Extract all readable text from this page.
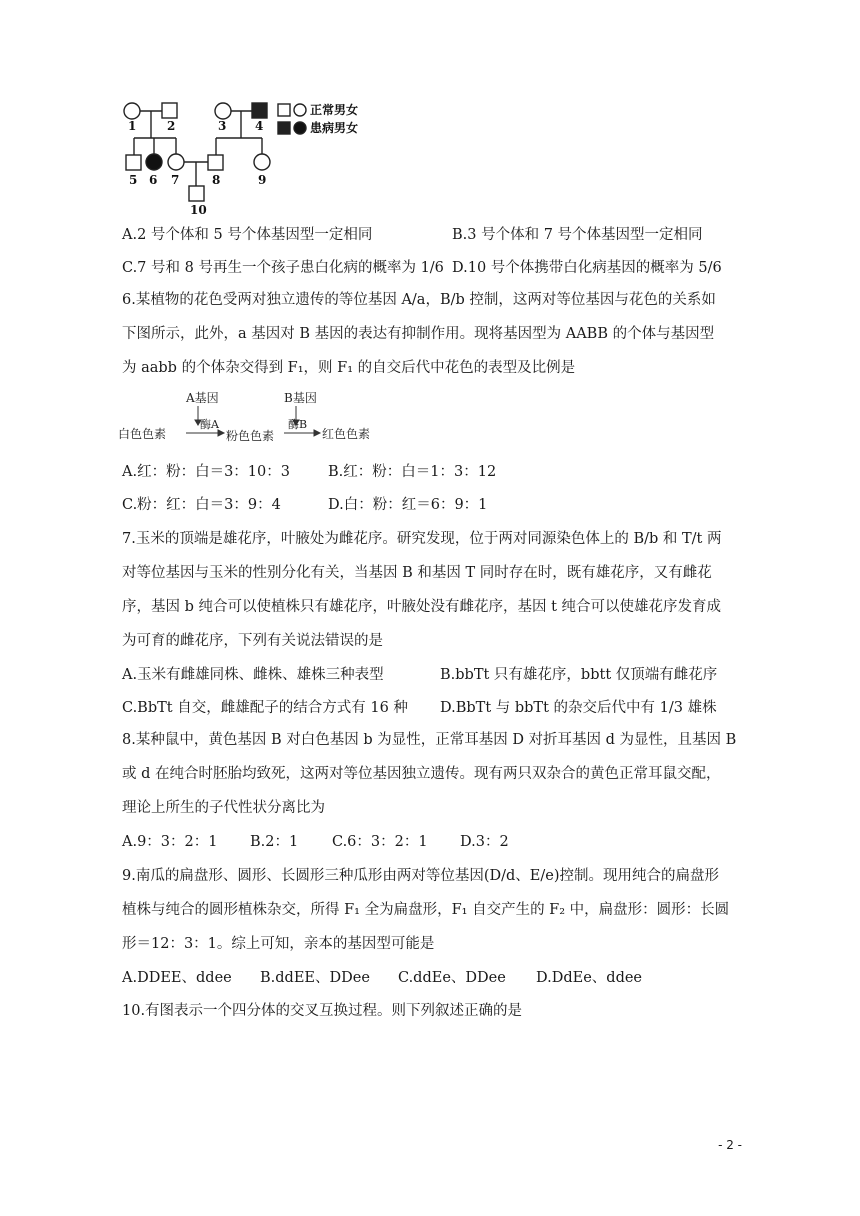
1	2	3 4
5 6 7	8	9
10
正常男女
患病男女
A.2 号个体和 5 号个体基因型一定相同	B.3 号个体和 7 号个体基因型一定相同
C.7 号和 8 号再生一个孩子患白化病的概率为 1/6 D.10 号个体携带白化病基因的概率为 5/6
6.某植物的花色受两对独立遗传的等位基因 A/a，B/b 控制，这两对等位基因与花色的关系如
下图所示，此外，a 基因对 B 基因的表达有抑制作用。现将基因型为 AABB 的个体与基因型
为 aabb 的个体杂交得到 F₁，则 F₁ 的自交后代中花色的表型及比例是
A基因	B基因
酶A	酶B
白色色素	粉色色素	红色色素
A.红：粉：白＝3：10：3	B.红：粉：白＝1：3：12
C.粉：红：白＝3：9：4	D.白：粉：红＝6：9：1
7.玉米的顶端是雄花序，叶腋处为雌花序。研究发现，位于两对同源染色体上的 B/b 和 T/t 两
对等位基因与玉米的性别分化有关，当基因 B 和基因 T 同时存在时，既有雄花序，又有雌花
序，基因 b 纯合可以使植株只有雄花序，叶腋处没有雌花序，基因 t 纯合可以使雄花序发育成
为可育的雌花序，下列有关说法错误的是
A.玉米有雌雄同株、雌株、雄株三种表型	B.bbTt 只有雄花序，bbtt 仅顶端有雌花序
C.BbTt 自交，雌雄配子的结合方式有 16 种	D.BbTt 与 bbTt 的杂交后代中有 1/3 雄株
8.某种鼠中，黄色基因 B 对白色基因 b 为显性，正常耳基因 D 对折耳基因 d 为显性，且基因 B
或 d 在纯合时胚胎均致死，这两对等位基因独立遗传。现有两只双杂合的黄色正常耳鼠交配，
理论上所生的子代性状分离比为
A.9：3：2：1	B.2：1	C.6：3：2：1	D.3：2
9.南瓜的扁盘形、圆形、长圆形三种瓜形由两对等位基因(D/d、E/e)控制。现用纯合的扁盘形
植株与纯合的圆形植株杂交，所得 F₁ 全为扁盘形，F₁ 自交产生的 F₂ 中，扁盘形：圆形：长圆
形＝12：3：1。综上可知，亲本的基因型可能是
A.DDEE、ddee	B.ddEE、DDee	C.ddEe、DDee	D.DdEe、ddee
10.有图表示一个四分体的交叉互换过程。则下列叙述正确的是
- 2 -
